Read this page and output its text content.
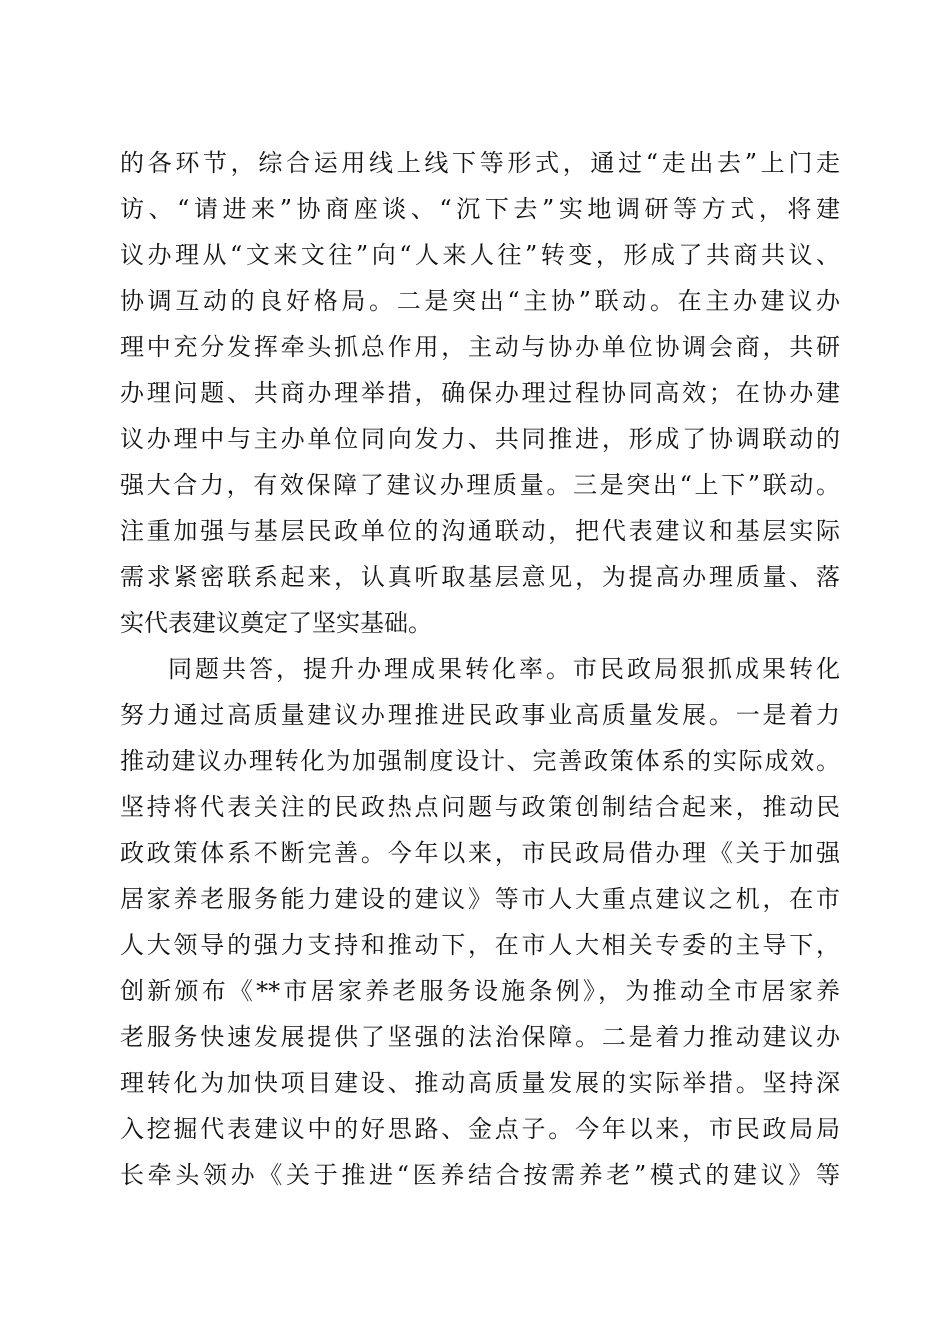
的各环节，综合运用线上线下等形式，通过“走出去”上门走
访、“请进来”协商座谈、“沉下去”实地调研等方式，将建
议办理从“文来文往”向“人来人往”转变，形成了共商共议、
协调互动的良好格局。二是突出“主协”联动。在主办建议办
理中充分发挥牵头抓总作用，主动与协办单位协调会商，共研
办理问题、共商办理举措，确保办理过程协同高效；在协办建
议办理中与主办单位同向发力、共同推进，形成了协调联动的
强大合力，有效保障了建议办理质量。三是突出“上下”联动。
注重加强与基层民政单位的沟通联动，把代表建议和基层实际
需求紧密联系起来，认真听取基层意见，为提高办理质量、落
实代表建议奠定了坚实基础。
同题共答，提升办理成果转化率。市民政局狠抓成果转化
努力通过高质量建议办理推进民政事业高质量发展。一是着力
推动建议办理转化为加强制度设计、完善政策体系的实际成效。
坚持将代表关注的民政热点问题与政策创制结合起来，推动民
政政策体系不断完善。今年以来，市民政局借办理《关于加强
居家养老服务能力建设的建议》等市人大重点建议之机，在市
人大领导的强力支持和推动下，在市人大相关专委的主导下，
创新颁布《**市居家养老服务设施条例》，为推动全市居家养
老服务快速发展提供了坚强的法治保障。二是着力推动建议办
理转化为加快项目建设、推动高质量发展的实际举措。坚持深
入挖掘代表建议中的好思路、金点子。今年以来，市民政局局
长牵头领办《关于推进“医养结合按需养老”模式的建议》等
